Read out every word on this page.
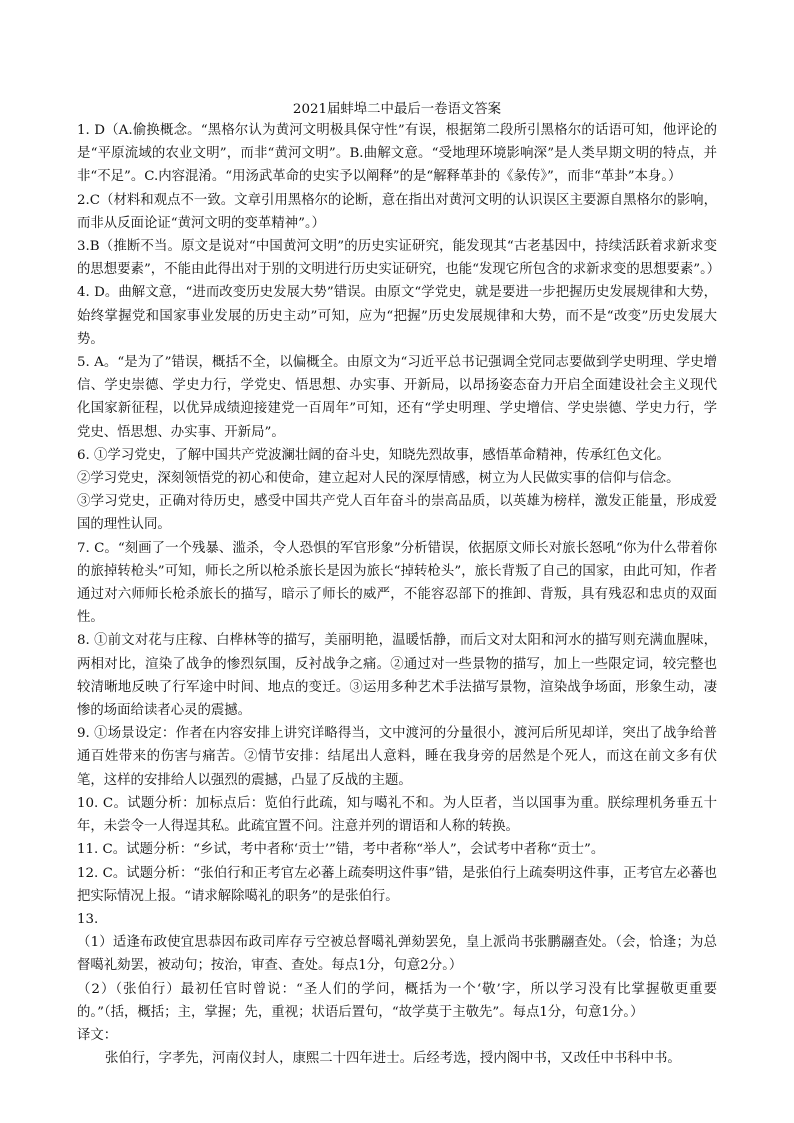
2021届蚌埠二中最后一卷语文答案

1. D（A.偷换概念。“黑格尔认为黄河文明极具保守性”有误，根据第二段所引黑格尔的话语可知，他评论的是“平原流域的农业文明”，而非“黄河文明”。B.曲解文意。“受地理环境影响深”是人类早期文明的特点，并非“不足”。C.内容混淆。“用汤武革命的史实予以阐释”的是“解释革卦的《彖传》”，而非“革卦”本身。）

2.C（材料和观点不一致。文章引用黑格尔的论断，意在指出对黄河文明的认识误区主要源自黑格尔的影响，而非从反面论证“黄河文明的变革精神”。）

3.B（推断不当。原文是说对“中国黄河文明”的历史实证研究，能发现其“古老基因中，持续活跃着求新求变的思想要素”，不能由此得出对于别的文明进行历史实证研究，也能“发现它所包含的求新求变的思想要素”。）

4. D。曲解文意，“进而改变历史发展大势”错误。由原文“学党史，就是要进一步把握历史发展规律和大势，始终掌握党和国家事业发展的历史主动”可知，应为“把握”历史发展规律和大势，而不是“改变”历史发展大势。

5. A。“是为了”错误，概括不全，以偏概全。由原文为“习近平总书记强调全党同志要做到学史明理、学史增信、学史崇德、学史力行，学党史、悟思想、办实事、开新局，以昂扬姿态奋力开启全面建设社会主义现代化国家新征程，以优异成绩迎接建党一百周年”可知，还有“学史明理、学史增信、学史崇德、学史力行，学党史、悟思想、办实事、开新局”。

6. ①学习党史，了解中国共产党波澜壮阔的奋斗史，知晓先烈故事，感悟革命精神，传承红色文化。

②学习党史，深刻领悟党的初心和使命，建立起对人民的深厚情感，树立为人民做实事的信仰与信念。

③学习党史，正确对待历史，感受中国共产党人百年奋斗的崇高品质，以英雄为榜样，激发正能量，形成爱国的理性认同。

7. C。“刻画了一个残暴、滥杀，令人恐惧的军官形象”分析错误，依据原文师长对旅长怒吼“你为什么带着你的旅掉转枪头”可知，师长之所以枪杀旅长是因为旅长“掉转枪头”，旅长背叛了自己的国家，由此可知，作者通过对六师师长枪杀旅长的描写，暗示了师长的威严，不能容忍部下的推卸、背叛，具有残忍和忠贞的双面性。

8. ①前文对花与庄稼、白桦林等的描写，美丽明艳，温暖恬静，而后文对太阳和河水的描写则充满血腥味，两相对比，渲染了战争的惨烈氛围，反衬战争之痛。②通过对一些景物的描写，加上一些限定词，较完整也较清晰地反映了行军途中时间、地点的变迁。③运用多种艺术手法描写景物，渲染战争场面，形象生动，凄惨的场面给读者心灵的震撼。

9. ①场景设定：作者在内容安排上讲究详略得当，文中渡河的分量很小，渡河后所见却详，突出了战争给普通百姓带来的伤害与痛苦。②情节安排：结尾出人意料，睡在我身旁的居然是个死人，而这在前文多有伏笔，这样的安排给人以强烈的震撼，凸显了反战的主题。

10. C。试题分析：加标点后：览伯行此疏，知与噶礼不和。为人臣者，当以国事为重。朕综理机务垂五十年，未尝令一人得逞其私。此疏宜置不问。注意并列的谓语和人称的转换。

11. C。试题分析：“乡试，考中者称‘贡士’”错，考中者称“举人”，会试考中者称“贡士”。

12. C。试题分析：“张伯行和正考官左必蕃上疏奏明这件事”错，是张伯行上疏奏明这件事，正考官左必蕃也把实际情况上报。“请求解除噶礼的职务”的是张伯行。

13.

（1）适逢布政使宜思恭因布政司库存亏空被总督噶礼弹劾罢免，皇上派尚书张鹏翮查处。（会，恰逢；为总督噶礼劾罢，被动句；按治，审查、查处。每点1分，句意2分。）

（2）（张伯行）最初任官时曾说：“圣人们的学问，概括为一个‘敬’字，所以学习没有比掌握敬更重要的。”（括，概括；主，掌握；先，重视；状语后置句，“故学莫于主敬先”。每点1分，句意1分。）

译文：

张伯行，字孝先，河南仪封人，康熙二十四年进士。后经考选，授内阁中书，又改任中书科中书。
